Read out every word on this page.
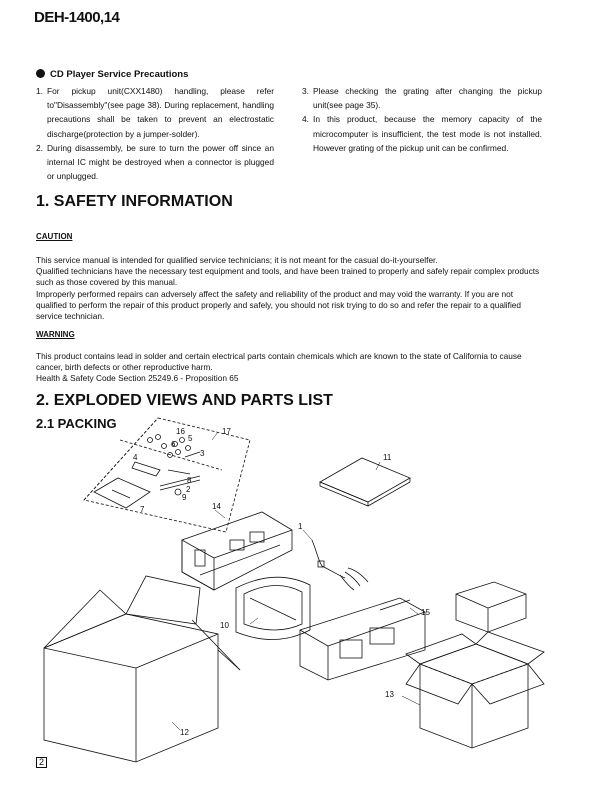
DEH-1400,14
CD Player Service Precautions
1. For pickup unit(CXX1480) handling, please refer to"Disassembly"(see page 38). During replacement, handling precautions shall be taken to prevent an electrostatic discharge(protection by a jumper-solder).
2. During disassembly, be sure to turn the power off since an internal IC might be destroyed when a connector is plugged or unplugged.
3. Please checking the grating after changing the pickup unit(see page 35).
4. In this product, because the memory capacity of the microcomputer is insufficient, the test mode is not installed. However grating of the pickup unit can be confirmed.
1. SAFETY INFORMATION
CAUTION

This service manual is intended for qualified service technicians; it is not meant for the casual do-it-yourselfer.

Qualified technicians have the necessary test equipment and tools, and have been trained to properly and safely repair complex products such as those covered by this manual.

Improperly performed repairs can adversely affect the safety and reliability of the product and may void the warranty. If you are not qualified to perform the repair of this product properly and safely, you should not risk trying to do so and refer the repair to a qualified service technician.

WARNING

This product contains lead in solder and certain electrical parts contain chemicals which are known to the state of California to cause cancer, birth defects or other reproductive harm.

Health & Safety Code Section 25249.6 - Proposition 65

2. EXPLODED VIEWS AND PARTS LIST
2.1 PACKING
1
2
3
4
5
6
7
8
9
10
11
12
13
14
15
16	17
2
